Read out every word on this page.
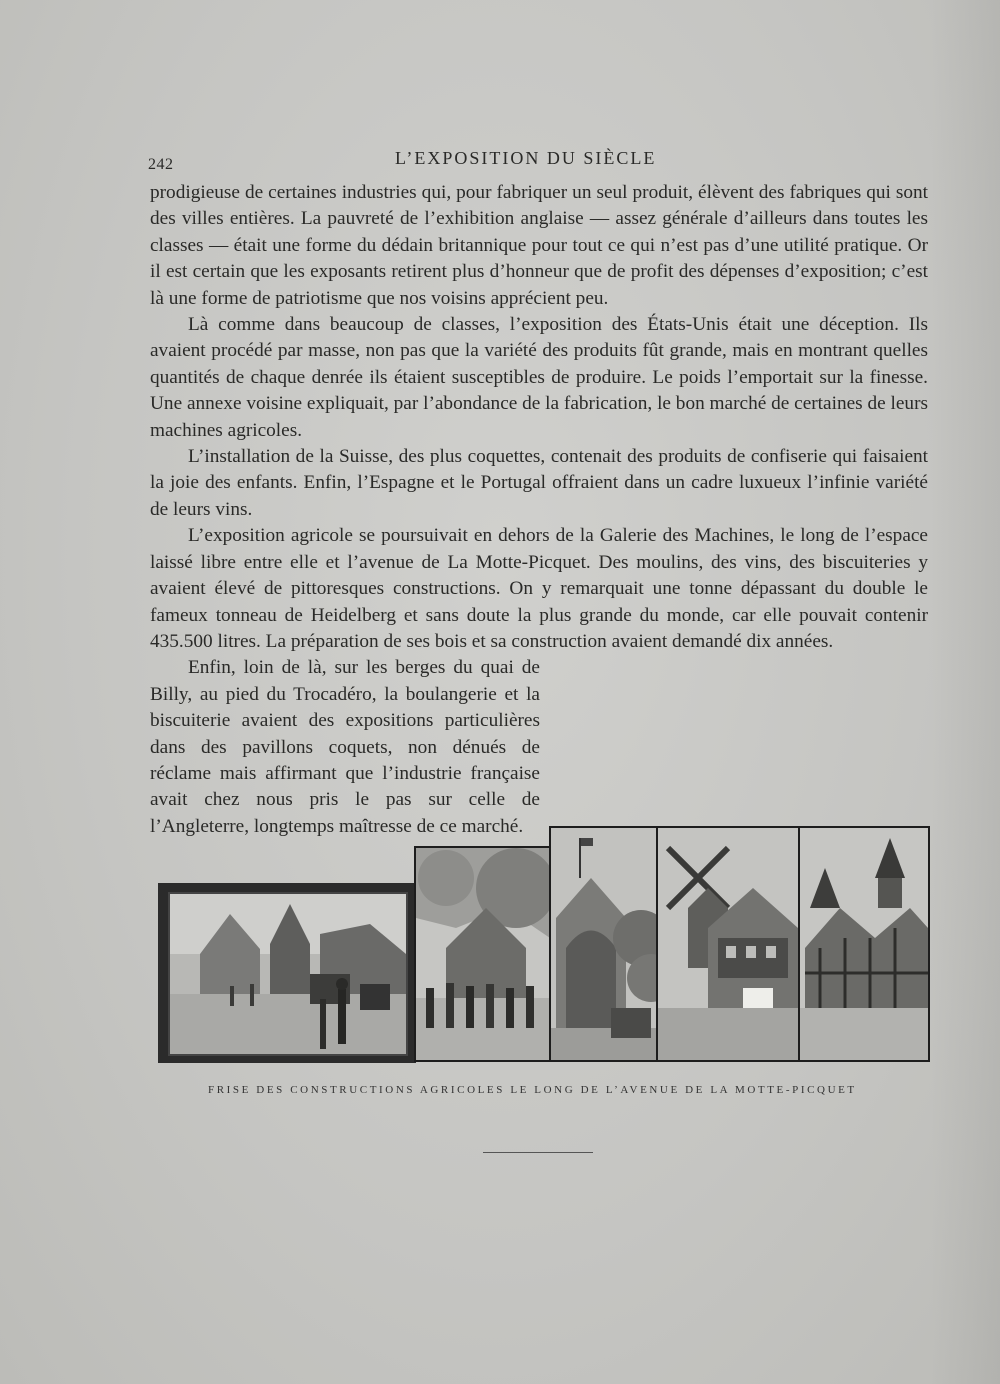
242	L’EXPOSITION DU SIÈCLE

prodigieuse de certaines industries qui, pour fabriquer un seul produit, élèvent des fabriques qui sont des villes entières. La pauvreté de l’exhibition anglaise — assez générale d’ailleurs dans toutes les classes — était une forme du dédain britannique pour tout ce qui n’est pas d’une utilité pratique. Or il est certain que les exposants retirent plus d’honneur que de profit des dépenses d’exposition; c’est là une forme de patriotisme que nos voisins apprécient peu.

Là comme dans beaucoup de classes, l’exposition des États-Unis était une déception. Ils avaient procédé par masse, non pas que la variété des produits fût grande, mais en montrant quelles quantités de chaque denrée ils étaient susceptibles de produire. Le poids l’emportait sur la finesse. Une annexe voisine expliquait, par l’abondance de la fabrication, le bon marché de certaines de leurs machines agricoles.

L’installation de la Suisse, des plus coquettes, contenait des produits de confiserie qui faisaient la joie des enfants. Enfin, l’Espagne et le Portugal offraient dans un cadre luxueux l’infinie variété de leurs vins.

L’exposition agricole se poursuivait en dehors de la Galerie des Machines, le long de l’espace laissé libre entre elle et l’avenue de La Motte-Picquet. Des moulins, des vins, des biscuiteries y avaient élevé de pittoresques constructions. On y remarquait une tonne dépassant du double le fameux tonneau de Heidelberg et sans doute la plus grande du monde, car elle pouvait contenir 435.500 litres. La préparation de ses bois et sa construction avaient demandé dix années.

Enfin, loin de là, sur les berges du quai de Billy, au pied du Trocadéro, la boulangerie et la biscuiterie avaient des expositions particulières dans des pavillons coquets, non dénués de réclame mais affirmant que l’industrie française avait chez nous pris le pas sur celle de l’Angleterre, longtemps maîtresse de ce marché.

FRISE DES CONSTRUCTIONS AGRICOLES LE LONG DE L’AVENUE DE LA MOTTE-PICQUET
